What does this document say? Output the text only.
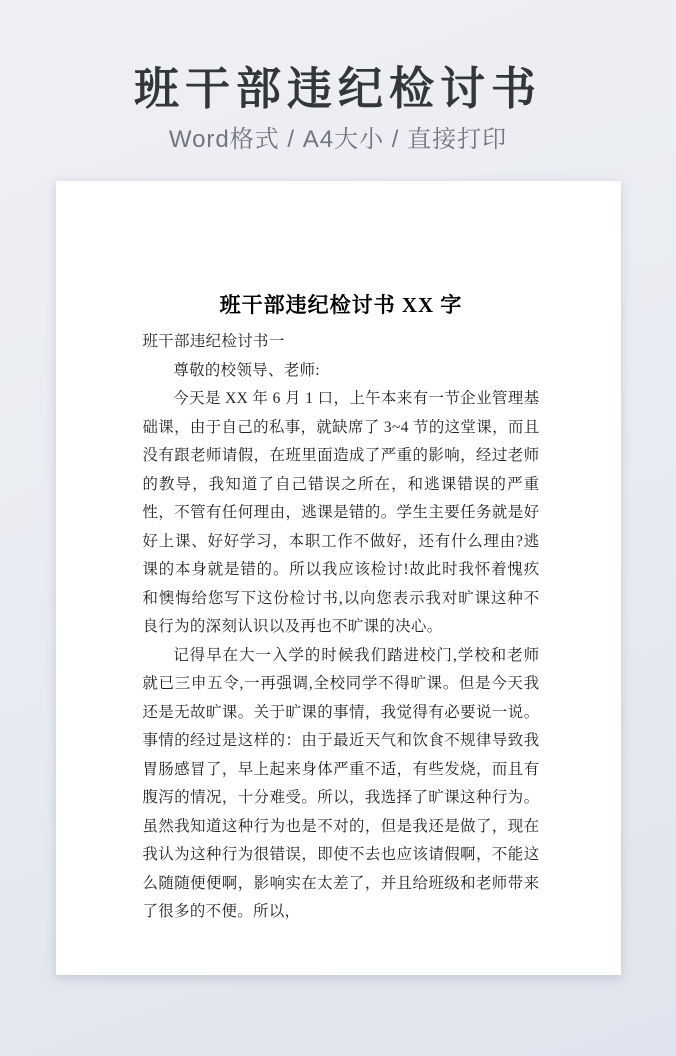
班干部违纪检讨书

Word格式 / A4大小 / 直接打印

班干部违纪检讨书 XX 字

班干部违纪检讨书一

尊敬的校领导、老师:

今天是 XX 年 6 月 1 口，上午本来有一节企业管理基础课，由于自己的私事，就缺席了 3~4 节的这堂课，而且没有跟老师请假，在班里面造成了严重的影响，经过老师的教导，我知道了自己错误之所在，和逃课错误的严重性，不管有任何理由，逃课是错的。学生主要任务就是好好上课、好好学习，本职工作不做好，还有什么理由?逃课的本身就是错的。所以我应该检讨!故此时我怀着愧疚和懊悔给您写下这份检讨书,以向您表示我对旷课这种不良行为的深刻认识以及再也不旷课的决心。

记得早在大一入学的时候我们踏进校门,学校和老师就已三申五令,一再强调,全校同学不得旷课。但是今天我还是无故旷课。关于旷课的事情，我觉得有必要说一说。事情的经过是这样的：由于最近天气和饮食不规律导致我胃肠感冒了，早上起来身体严重不适，有些发烧，而且有腹泻的情况，十分难受。所以，我选择了旷课这种行为。虽然我知道这种行为也是不对的，但是我还是做了，现在我认为这种行为很错误，即使不去也应该请假啊，不能这么随随便便啊，影响实在太差了，并且给班级和老师带来了很多的不便。所以，
